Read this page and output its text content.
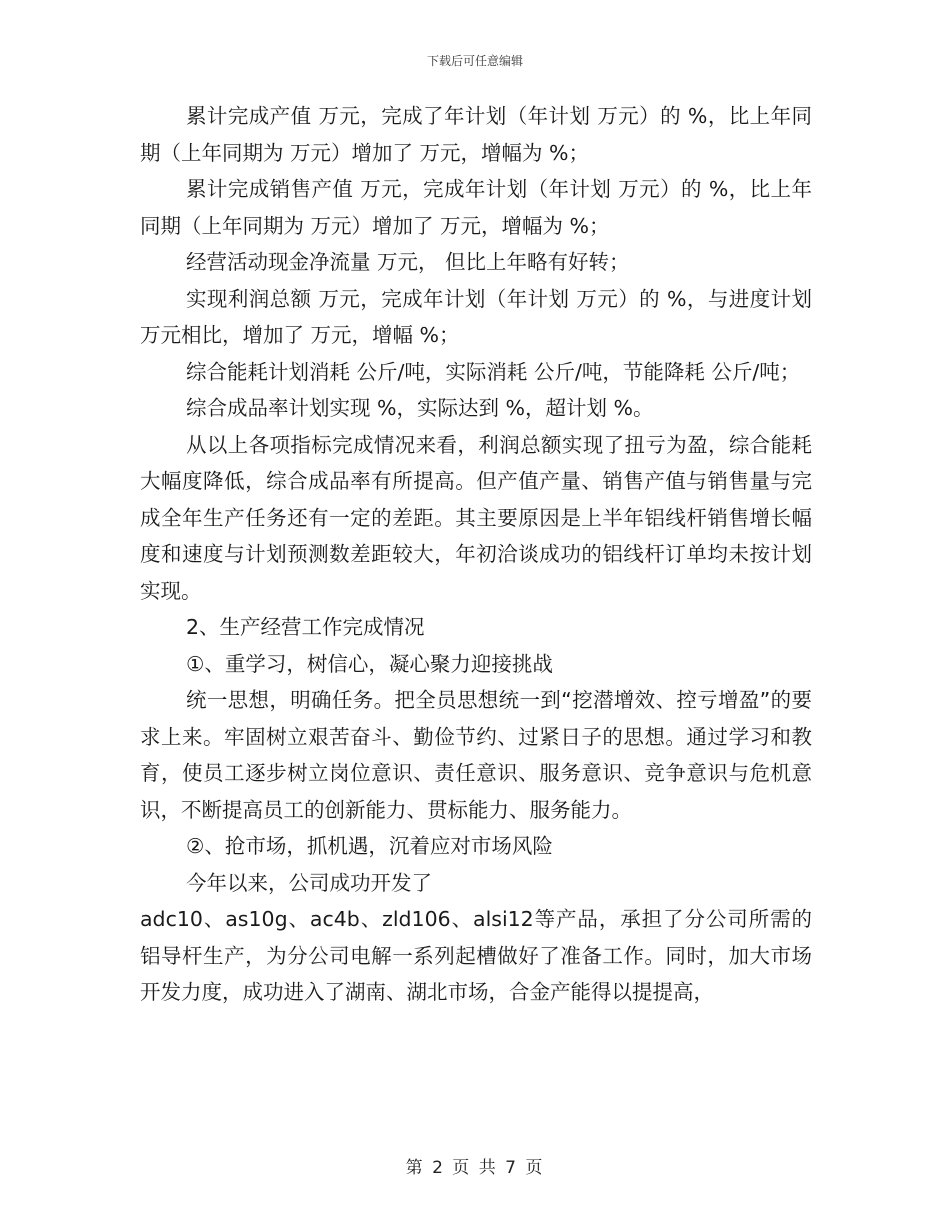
下载后可任意编辑

累计完成产值 万元，完成了年计划（年计划 万元）的 %，比上年同期（上年同期为 万元）增加了 万元，增幅为 %；

累计完成销售产值 万元，完成年计划（年计划 万元）的 %，比上年同期（上年同期为 万元）增加了 万元，增幅为 %；

经营活动现金净流量 万元， 但比上年略有好转；

实现利润总额 万元，完成年计划（年计划 万元）的 %，与进度计划 万元相比，增加了 万元，增幅 %；

综合能耗计划消耗 公斤/吨，实际消耗 公斤/吨，节能降耗 公斤/吨；

综合成品率计划实现 %，实际达到 %，超计划 %。

从以上各项指标完成情况来看，利润总额实现了扭亏为盈，综合能耗大幅度降低，综合成品率有所提高。但产值产量、销售产值与销售量与完成全年生产任务还有一定的差距。其主要原因是上半年铝线杆销售增长幅度和速度与计划预测数差距较大，年初洽谈成功的铝线杆订单均未按计划实现。

2、生产经营工作完成情况

①、重学习，树信心，凝心聚力迎接挑战

统一思想，明确任务。把全员思想统一到“挖潜增效、控亏增盈”的要求上来。牢固树立艰苦奋斗、勤俭节约、过紧日子的思想。通过学习和教育，使员工逐步树立岗位意识、责任意识、服务意识、竞争意识与危机意识，不断提高员工的创新能力、贯标能力、服务能力。

②、抢市场，抓机遇，沉着应对市场风险

今年以来，公司成功开发了

adc10、as10g、ac4b、zld106、alsi12等产品，承担了分公司所需的铝导杆生产，为分公司电解一系列起槽做好了准备工作。同时，加大市场开发力度，成功进入了湖南、湖北市场，合金产能得以提提高，

第 2 页 共 7 页
